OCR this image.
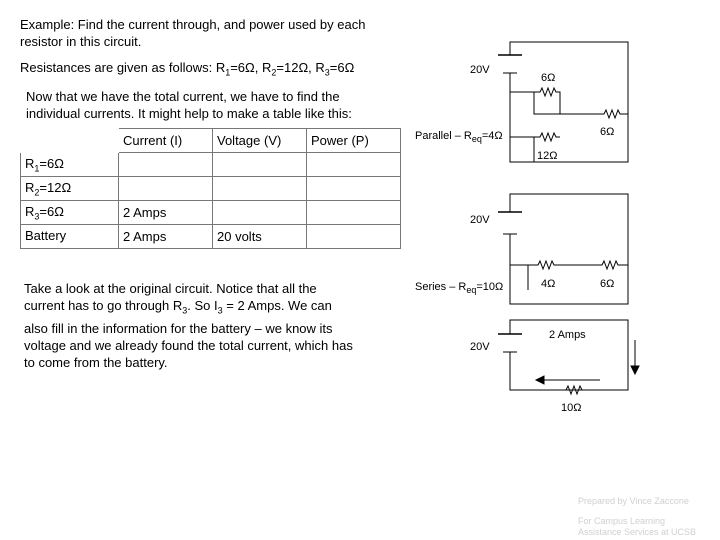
Example: Find the current through, and power used by each
resistor in this circuit.
Resistances are given as follows: $R_1=6\Omega$, $R_2=12\Omega$, $R_3=6\Omega$
Now that we have the total current, we have to find the
individual currents. It might help to make a table like this:
	Current (I)	Voltage (V)	Power (P)
$R_1=6\Omega$			
$R_2=12\Omega$			
$R_3=6\Omega$	2 Amps		
Battery	2 Amps	20 volts	
Take a look at the original circuit. Notice that all the
current has to go through $R_3$. So $I_3 = 2$ Amps. We can
also fill in the information for the battery – we know its
voltage and we already found the total current, which has
to come from the battery.
20V
6Ω
6Ω
12Ω
Parallel – $R_{eq}=4\Omega$
20V
4Ω	6Ω
Series – $R_{eq}=10\Omega$
20V
2 Amps
10Ω
Prepared by Vince Zaccone
For Campus Learning
Assistance Services at UCSB
